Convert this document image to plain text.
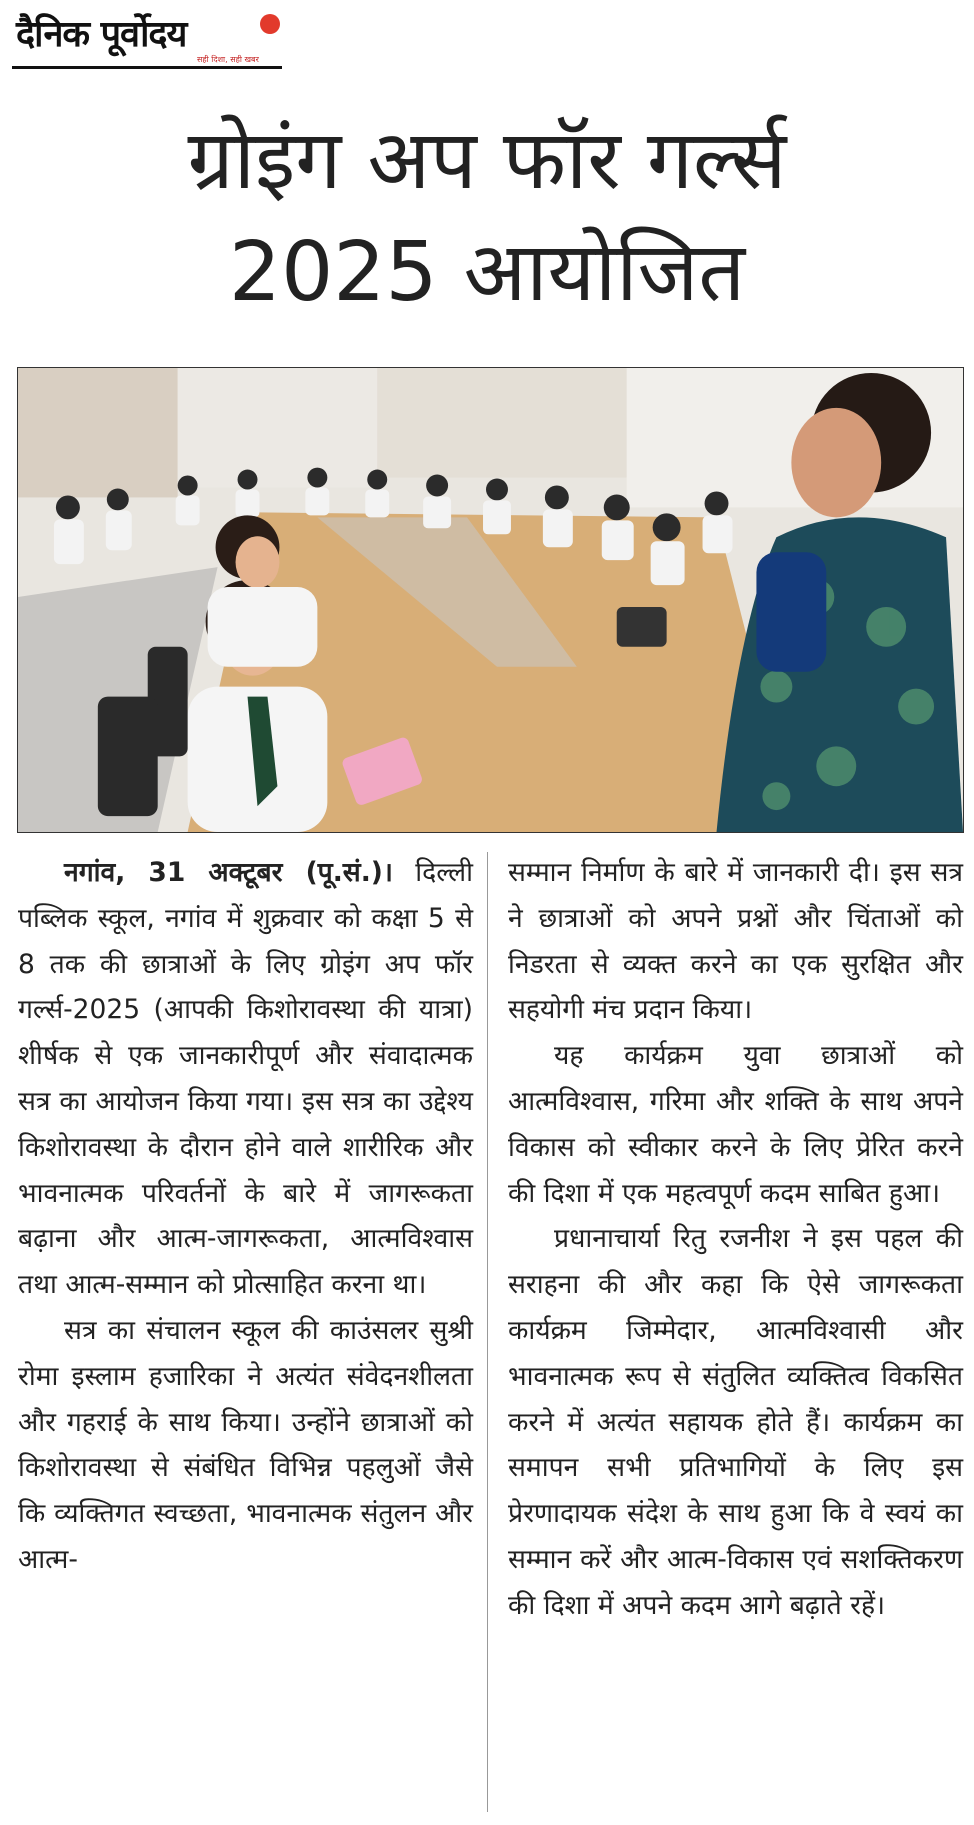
दैनिक पूर्वोदय
सही दिशा, सही खबर
ग्रोइंग अप फॉर गर्ल्स
2025 आयोजित

नगांव, 31 अक्टूबर (पू.सं.)। दिल्ली पब्लिक स्कूल, नगांव में शुक्रवार को कक्षा 5 से 8 तक की छात्राओं के लिए ग्रोइंग अप फॉर गर्ल्स-2025 (आपकी किशोरावस्था की यात्रा) शीर्षक से एक जानकारीपूर्ण और संवादात्मक सत्र का आयोजन किया गया। इस सत्र का उद्देश्य किशोरावस्था के दौरान होने वाले शारीरिक और भावनात्मक परिवर्तनों के बारे में जागरूकता बढ़ाना और आत्म-जागरूकता, आत्मविश्वास तथा आत्म-सम्मान को प्रोत्साहित करना था।

सत्र का संचालन स्कूल की काउंसलर सुश्री रोमा इस्लाम हजारिका ने अत्यंत संवेदनशीलता और गहराई के साथ किया। उन्होंने छात्राओं को किशोरावस्था से संबंधित विभिन्न पहलुओं जैसे कि व्यक्तिगत स्वच्छता, भावनात्मक संतुलन और आत्म-

सम्मान निर्माण के बारे में जानकारी दी। इस सत्र ने छात्राओं को अपने प्रश्नों और चिंताओं को निडरता से व्यक्त करने का एक सुरक्षित और सहयोगी मंच प्रदान किया।

यह कार्यक्रम युवा छात्राओं को आत्मविश्वास, गरिमा और शक्ति के साथ अपने विकास को स्वीकार करने के लिए प्रेरित करने की दिशा में एक महत्वपूर्ण कदम साबित हुआ।

प्रधानाचार्या रितु रजनीश ने इस पहल की सराहना की और कहा कि ऐसे जागरूकता कार्यक्रम जिम्मेदार, आत्मविश्वासी और भावनात्मक रूप से संतुलित व्यक्तित्व विकसित करने में अत्यंत सहायक होते हैं। कार्यक्रम का समापन सभी प्रतिभागियों के लिए इस प्रेरणादायक संदेश के साथ हुआ कि वे स्वयं का सम्मान करें और आत्म-विकास एवं सशक्तिकरण की दिशा में अपने कदम आगे बढ़ाते रहें।
